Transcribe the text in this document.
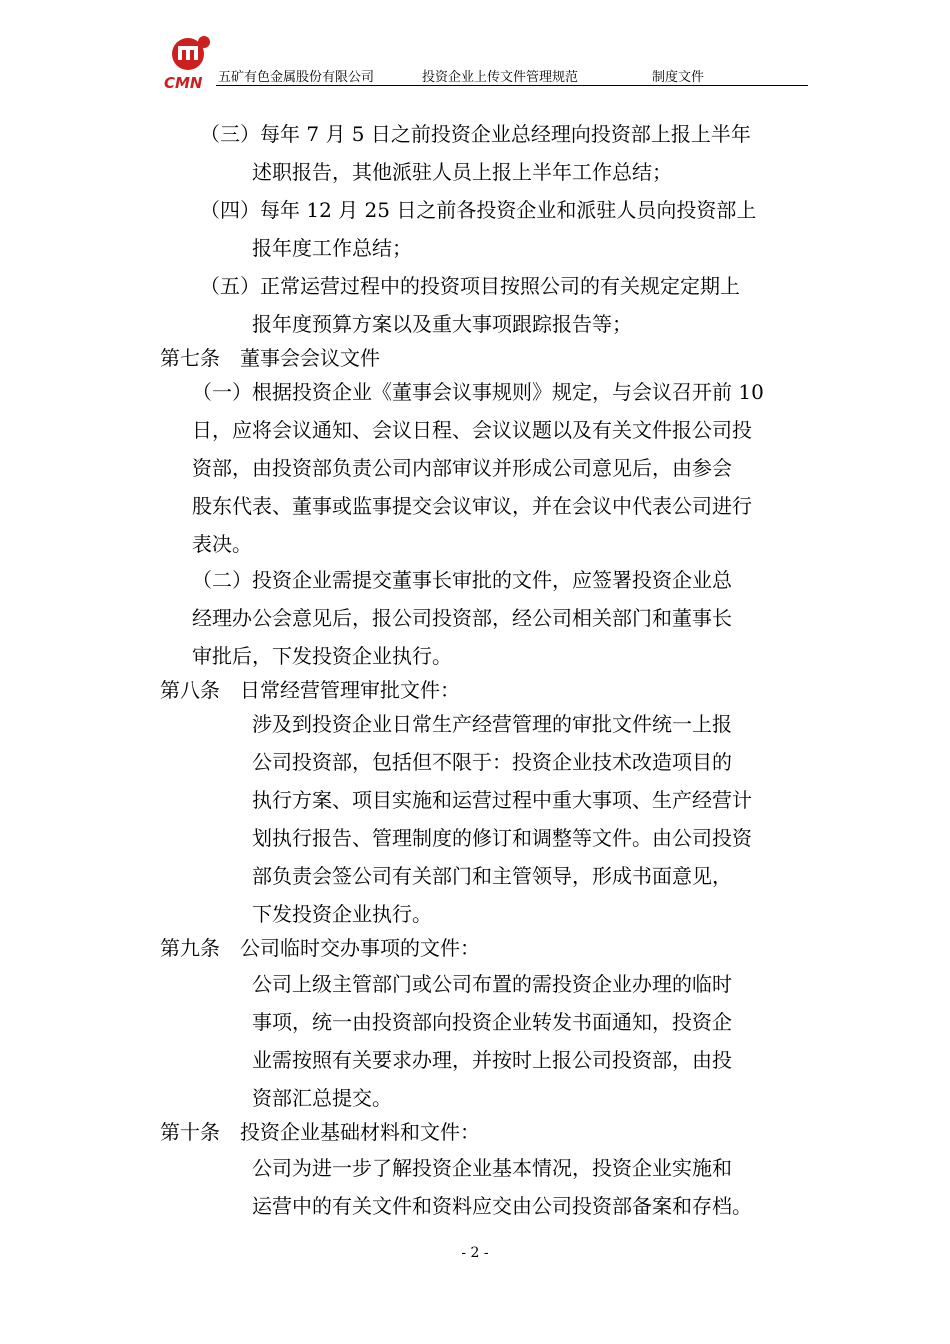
CMN 五矿有色金属股份有限公司	投资企业上传文件管理规范	制度文件
（三）每年 7 月 5 日之前投资企业总经理向投资部上报上半年
述职报告，其他派驻人员上报上半年工作总结；
（四）每年 12 月 25 日之前各投资企业和派驻人员向投资部上
报年度工作总结；
（五）正常运营过程中的投资项目按照公司的有关规定定期上
报年度预算方案以及重大事项跟踪报告等；
第七条　董事会会议文件
（一）根据投资企业《董事会议事规则》规定，与会议召开前 10
日，应将会议通知、会议日程、会议议题以及有关文件报公司投
资部，由投资部负责公司内部审议并形成公司意见后，由参会
股东代表、董事或监事提交会议审议，并在会议中代表公司进行
表决。
（二）投资企业需提交董事长审批的文件，应签署投资企业总
经理办公会意见后，报公司投资部，经公司相关部门和董事长
审批后，下发投资企业执行。
第八条　日常经营管理审批文件：
涉及到投资企业日常生产经营管理的审批文件统一上报
公司投资部，包括但不限于：投资企业技术改造项目的
执行方案、项目实施和运营过程中重大事项、生产经营计
划执行报告、管理制度的修订和调整等文件。由公司投资
部负责会签公司有关部门和主管领导，形成书面意见，
下发投资企业执行。
第九条　公司临时交办事项的文件：
公司上级主管部门或公司布置的需投资企业办理的临时
事项，统一由投资部向投资企业转发书面通知，投资企
业需按照有关要求办理，并按时上报公司投资部，由投
资部汇总提交。
第十条　投资企业基础材料和文件：
公司为进一步了解投资企业基本情况，投资企业实施和
运营中的有关文件和资料应交由公司投资部备案和存档。
- 2 -
